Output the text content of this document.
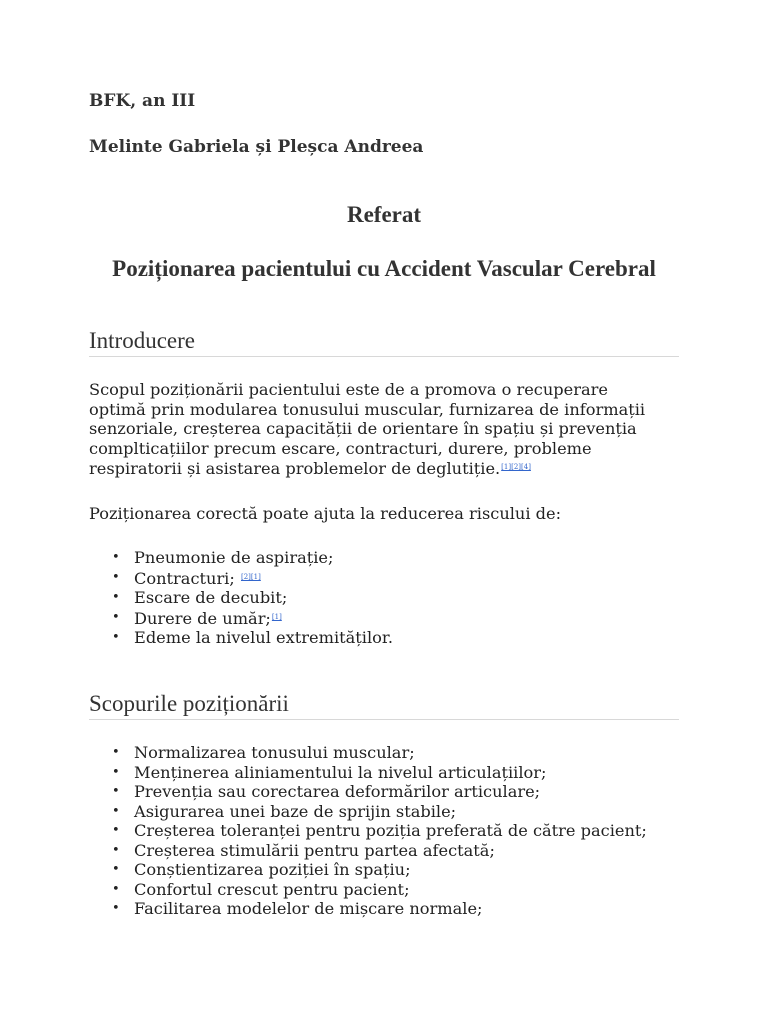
BFK, an III
Melinte Gabriela și Pleșca Andreea
Referat
Poziționarea pacientului cu Accident Vascular Cerebral
Introducere

Scopul poziționării pacientului este de a promova o recuperare
optimă prin modularea tonusului muscular, furnizarea de informații
senzoriale, creșterea capacității de orientare în spațiu și prevenția
complticațiilor precum escare, contracturi, durere, probleme
respiratorii și asistarea problemelor de deglutiție.[1][2][4]

Poziționarea corectă poate ajuta la reducerea riscului de:

• Pneumonie de aspirație;
• Contracturi; [2][1]
• Escare de decubit;
• Durere de umăr;[1]
• Edeme la nivelul extremităților.
Scopurile poziționării
• Normalizarea tonusului muscular;
• Menținerea aliniamentului la nivelul articulațiilor;
• Prevenția sau corectarea deformărilor articulare;
• Asigurarea unei baze de sprijin stabile;
• Creșterea toleranței pentru poziția preferată de către pacient;
• Creșterea stimulării pentru partea afectată;
• Conștientizarea poziției în spațiu;
• Confortul crescut pentru pacient;
• Facilitarea modelelor de mișcare normale;
